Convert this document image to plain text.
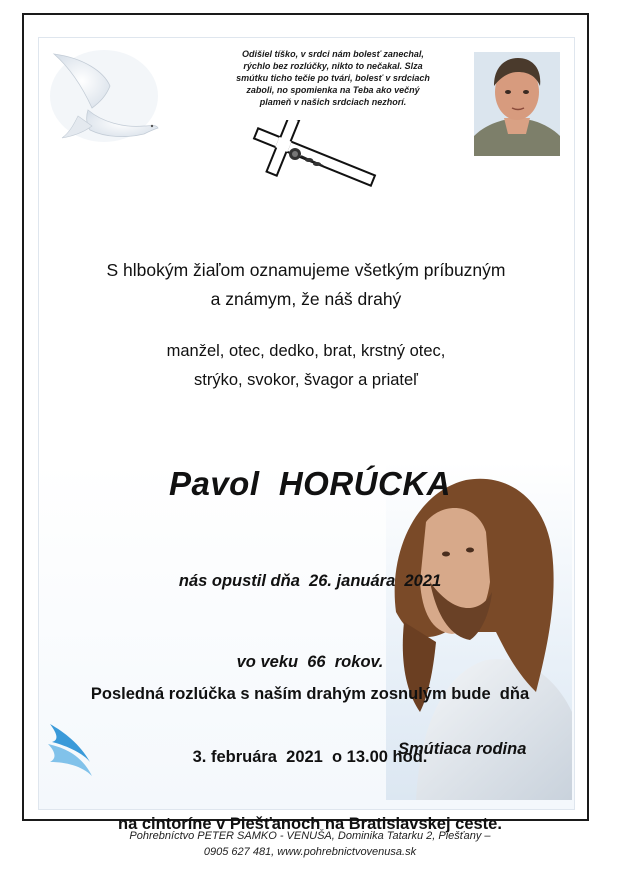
Odišiel tíško, v srdci nám bolesť zanechal,
rýchlo bez rozlúčky, nikto to nečakal. Slza
smútku ticho tečie po tvári, bolesť v srdciach
zaboli, no spomienka na Teba ako večný
plameň v našich srdciach nezhorí.
S hlbokým žiaľom oznamujeme všetkým príbuzným
a známym, že náš drahý
manžel, otec, dedko, brat, krstný otec,
strýko, svokor, švagor a priateľ
Pavol  HORÚCKA

nás opustil dňa  26. januára  2021

vo veku  66  rokov.

Posledná rozlúčka s naším drahým zosnulým bude  dňa

3. februára  2021  o 13.00 hod.

na cintoríne v Piešťanoch na Bratislavskej ceste.

Smútiaca rodina
Pohrebníctvo PETER SAMKO - VENUŠA, Dominika Tatarku 2, Piešťany –
0905 627 481, www.pohrebnictvovenusa.sk
